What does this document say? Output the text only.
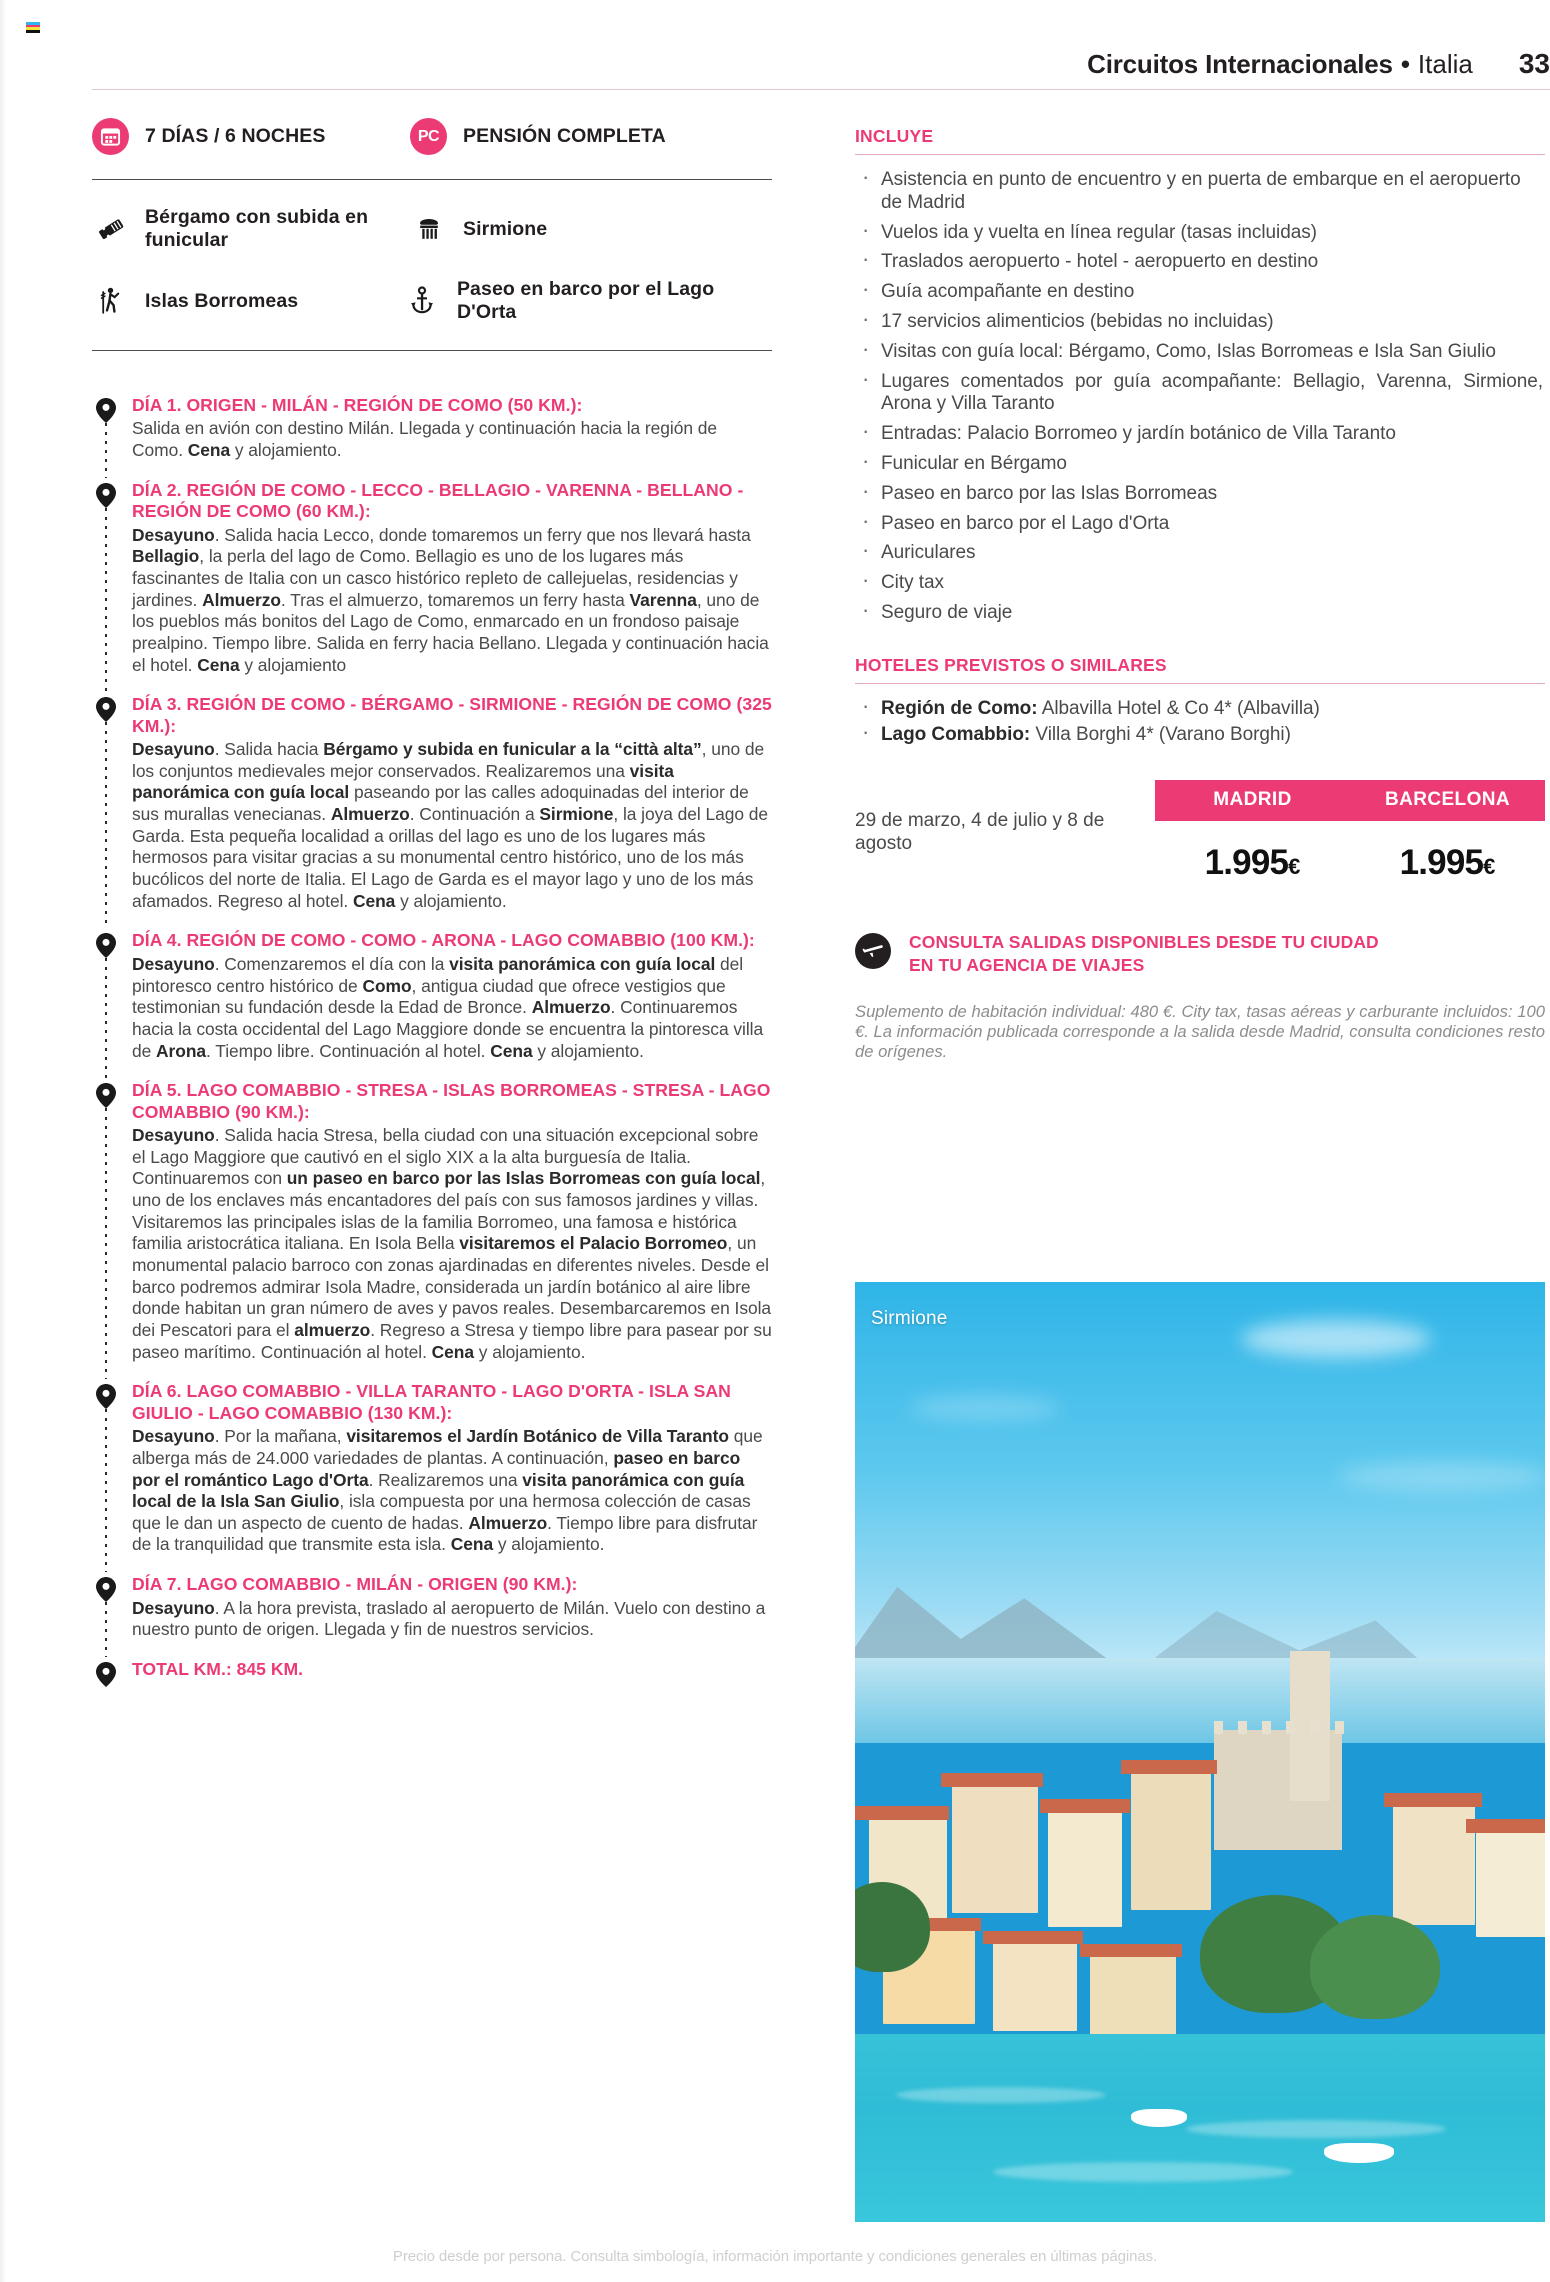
Circuitos Internacionales • Italia 33
7 DÍAS / 6 NOCHES	PC PENSIÓN COMPLETA
Bérgamo con subida en funicular
Sirmione
Islas Borromeas
Paseo en barco por el Lago D'Orta
DÍA 1. ORIGEN - MILÁN - REGIÓN DE COMO (50 KM.):
Salida en avión con destino Milán. Llegada y continuación hacia la región de Como. Cena y alojamiento.
DÍA 2. REGIÓN DE COMO - LECCO - BELLAGIO - VARENNA - BELLANO - REGIÓN DE COMO (60 KM.):
Desayuno. Salida hacia Lecco, donde tomaremos un ferry que nos llevará hasta Bellagio, la perla del lago de Como. Bellagio es uno de los lugares más fascinantes de Italia con un casco histórico repleto de callejuelas, residencias y jardines. Almuerzo. Tras el almuerzo, tomaremos un ferry hasta Varenna, uno de los pueblos más bonitos del Lago de Como, enmarcado en un frondoso paisaje prealpino. Tiempo libre. Salida en ferry hacia Bellano. Llegada y continuación hacia el hotel. Cena y alojamiento
DÍA 3. REGIÓN DE COMO - BÉRGAMO - SIRMIONE - REGIÓN DE COMO (325 KM.):
Desayuno. Salida hacia Bérgamo y subida en funicular a la “città alta”, uno de los conjuntos medievales mejor conservados. Realizaremos una visita panorámica con guía local paseando por las calles adoquinadas del interior de sus murallas venecianas. Almuerzo. Continuación a Sirmione, la joya del Lago de Garda. Esta pequeña localidad a orillas del lago es uno de los lugares más hermosos para visitar gracias a su monumental centro histórico, uno de los más bucólicos del norte de Italia. El Lago de Garda es el mayor lago y uno de los más afamados. Regreso al hotel. Cena y alojamiento.
DÍA 4. REGIÓN DE COMO - COMO - ARONA - LAGO COMABBIO (100 KM.):
Desayuno. Comenzaremos el día con la visita panorámica con guía local del pintoresco centro histórico de Como, antigua ciudad que ofrece vestigios que testimonian su fundación desde la Edad de Bronce. Almuerzo. Continuaremos hacia la costa occidental del Lago Maggiore donde se encuentra la pintoresca villa de Arona. Tiempo libre. Continuación al hotel. Cena y alojamiento.
DÍA 5. LAGO COMABBIO - STRESA - ISLAS BORROMEAS - STRESA - LAGO COMABBIO (90 KM.):
Desayuno. Salida hacia Stresa, bella ciudad con una situación excepcional sobre el Lago Maggiore que cautivó en el siglo XIX a la alta burguesía de Italia. Continuaremos con un paseo en barco por las Islas Borromeas con guía local, uno de los enclaves más encantadores del país con sus famosos jardines y villas. Visitaremos las principales islas de la familia Borromeo, una famosa e histórica familia aristocrática italiana. En Isola Bella visitaremos el Palacio Borromeo, un monumental palacio barroco con zonas ajardinadas en diferentes niveles. Desde el barco podremos admirar Isola Madre, considerada un jardín botánico al aire libre donde habitan un gran número de aves y pavos reales. Desembarcaremos en Isola dei Pescatori para el almuerzo. Regreso a Stresa y tiempo libre para pasear por su paseo marítimo. Continuación al hotel. Cena y alojamiento.
DÍA 6. LAGO COMABBIO - VILLA TARANTO - LAGO D'ORTA - ISLA SAN GIULIO - LAGO COMABBIO (130 KM.):
Desayuno. Por la mañana, visitaremos el Jardín Botánico de Villa Taranto que alberga más de 24.000 variedades de plantas. A continuación, paseo en barco por el romántico Lago d'Orta. Realizaremos una visita panorámica con guía local de la Isla San Giulio, isla compuesta por una hermosa colección de casas que le dan un aspecto de cuento de hadas. Almuerzo. Tiempo libre para disfrutar de la tranquilidad que transmite esta isla. Cena y alojamiento.
DÍA 7. LAGO COMABBIO - MILÁN - ORIGEN (90 KM.):
Desayuno. A la hora prevista, traslado al aeropuerto de Milán. Vuelo con destino a nuestro punto de origen. Llegada y fin de nuestros servicios.
TOTAL KM.: 845 KM.
INCLUYE
· Asistencia en punto de encuentro y en puerta de embarque en el aeropuerto de Madrid
· Vuelos ida y vuelta en línea regular (tasas incluidas)
· Traslados aeropuerto - hotel - aeropuerto en destino
· Guía acompañante en destino
· 17 servicios alimenticios (bebidas no incluidas)
· Visitas con guía local: Bérgamo, Como, Islas Borromeas e Isla San Giulio
· Lugares comentados por guía acompañante: Bellagio, Varenna, Sirmione, Arona y Villa Taranto
· Entradas: Palacio Borromeo y jardín botánico de Villa Taranto
· Funicular en Bérgamo
· Paseo en barco por las Islas Borromeas
· Paseo en barco por el Lago d'Orta
· Auriculares
· City tax
· Seguro de viaje
HOTELES PREVISTOS O SIMILARES
· Región de Como: Albavilla Hotel & Co 4* (Albavilla)
· Lago Comabbio: Villa Borghi 4* (Varano Borghi)
29 de marzo, 4 de julio y 8 de agosto
MADRID	BARCELONA
1.995€	1.995€
CONSULTA SALIDAS DISPONIBLES DESDE TU CIUDAD
EN TU AGENCIA DE VIAJES
Suplemento de habitación individual: 480 €. City tax, tasas aéreas y carburante incluidos: 100 €. La información publicada corresponde a la salida desde Madrid, consulta condiciones resto de orígenes.
Sirmione
Precio desde por persona. Consulta simbología, información importante y condiciones generales en últimas páginas.
